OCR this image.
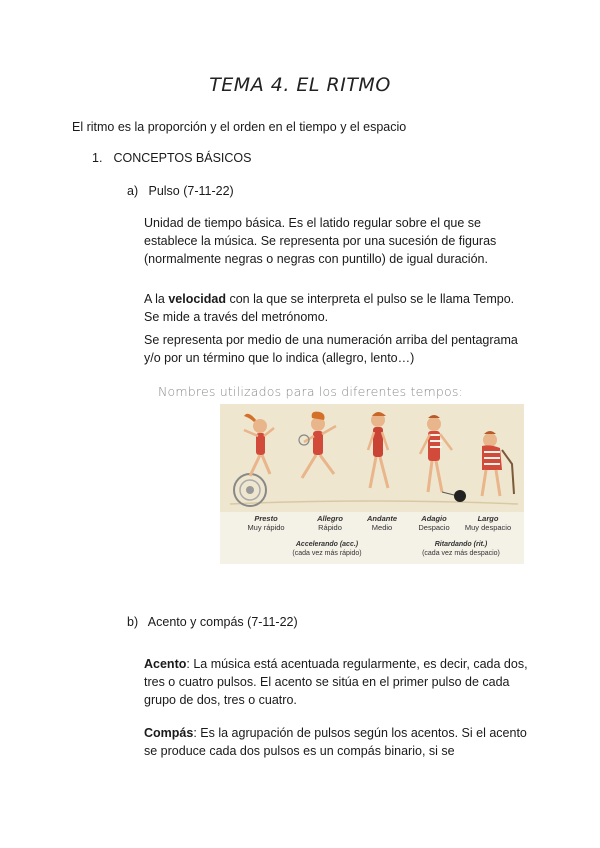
TEMA 4. EL RITMO
El ritmo es la proporción y el orden en el tiempo y el espacio
1. CONCEPTOS BÁSICOS
a) Pulso (7-11-22)
Unidad de tiempo básica. Es el latido regular sobre el que se establece la música. Se representa por una sucesión de figuras (normalmente negras o negras con puntillo) de igual duración.
A la velocidad con la que se interpreta el pulso se le llama Tempo. Se mide a través del metrónomo.
Se representa por medio de una numeración arriba del pentagrama y/o por un término que lo indica (allegro, lento…)
Nombres utilizados para los diferentes tempos:
Presto
Muy rápido
Allegro
Rápido
Andante
Medio
Adagio
Despacio
Largo
Muy despacio
Accelerando (acc.)
(cada vez más rápido)
Ritardando (rit.)
(cada vez más despacio)
b) Acento y compás (7-11-22)
Acento: La música está acentuada regularmente, es decir, cada dos, tres o cuatro pulsos. El acento se sitúa en el primer pulso de cada grupo de dos, tres o cuatro.
Compás: Es la agrupación de pulsos según los acentos. Si el acento se produce cada dos pulsos es un compás binario, si se
